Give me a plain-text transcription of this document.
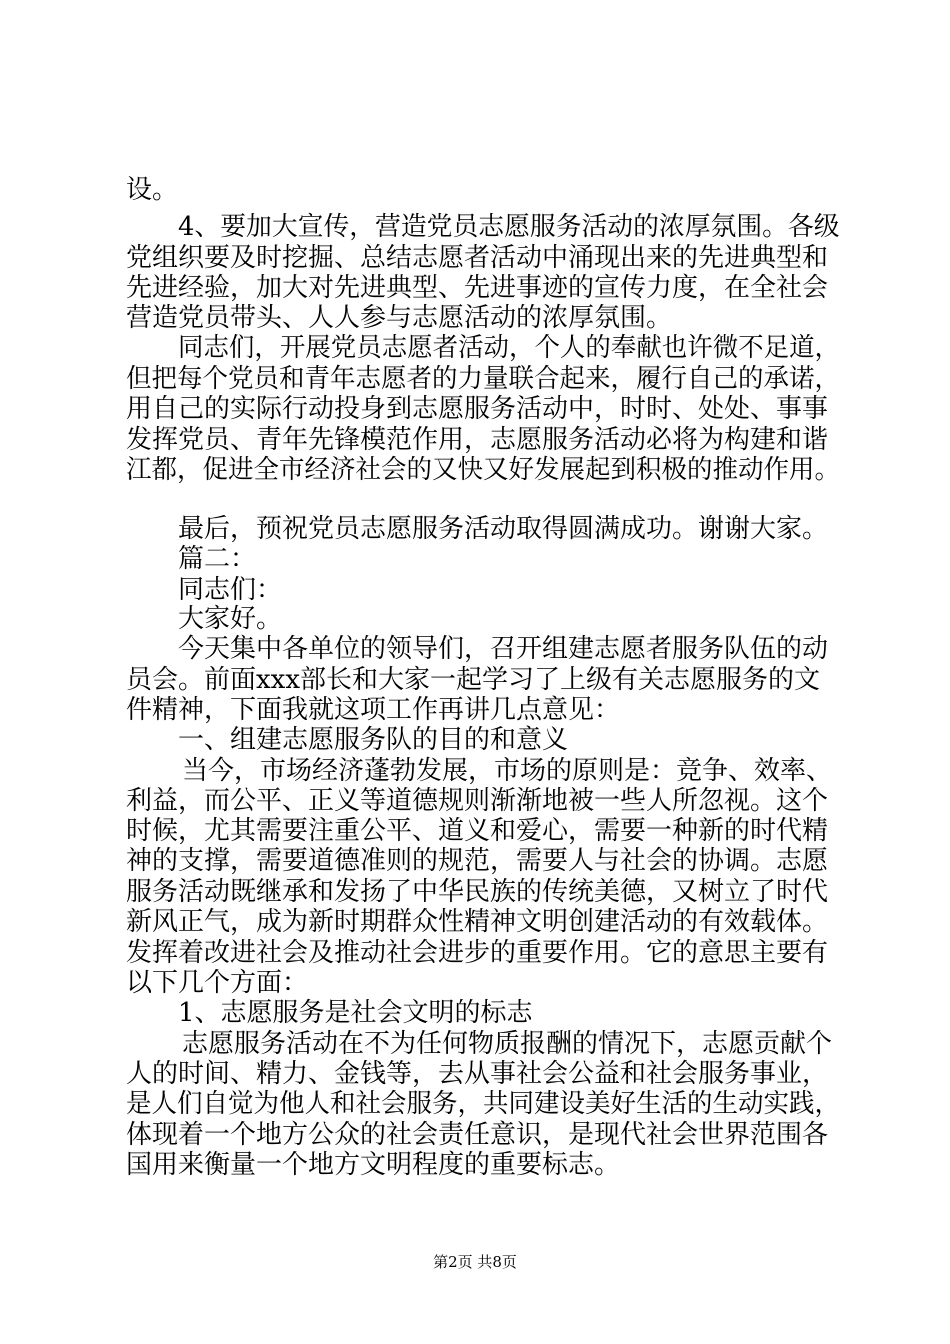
设。
4、要加大宣传，营造党员志愿服务活动的浓厚氛围。各级
党组织要及时挖掘、总结志愿者活动中涌现出来的先进典型和
先进经验，加大对先进典型、先进事迹的宣传力度，在全社会
营造党员带头、人人参与志愿活动的浓厚氛围。
同志们，开展党员志愿者活动，个人的奉献也许微不足道，
但把每个党员和青年志愿者的力量联合起来，履行自己的承诺，
用自己的实际行动投身到志愿服务活动中，时时、处处、事事
发挥党员、青年先锋模范作用，志愿服务活动必将为构建和谐
江都，促进全市经济社会的又快又好发展起到积极的推动作用。
最后，预祝党员志愿服务活动取得圆满成功。谢谢大家。
篇二：
同志们：
大家好。
今天集中各单位的领导们，召开组建志愿者服务队伍的动
员会。前面xxx部长和大家一起学习了上级有关志愿服务的文
件精神，下面我就这项工作再讲几点意见：
一、组建志愿服务队的目的和意义
当今，市场经济蓬勃发展，市场的原则是：竞争、效率、
利益，而公平、正义等道德规则渐渐地被一些人所忽视。这个
时候，尤其需要注重公平、道义和爱心，需要一种新的时代精
神的支撑，需要道德准则的规范，需要人与社会的协调。志愿
服务活动既继承和发扬了中华民族的传统美德，又树立了时代
新风正气，成为新时期群众性精神文明创建活动的有效载体。
发挥着改进社会及推动社会进步的重要作用。它的意思主要有
以下几个方面：
1、志愿服务是社会文明的标志
志愿服务活动在不为任何物质报酬的情况下，志愿贡献个
人的时间、精力、金钱等，去从事社会公益和社会服务事业，
是人们自觉为他人和社会服务，共同建设美好生活的生动实践，
体现着一个地方公众的社会责任意识，是现代社会世界范围各
国用来衡量一个地方文明程度的重要标志。
第2页 共8页
